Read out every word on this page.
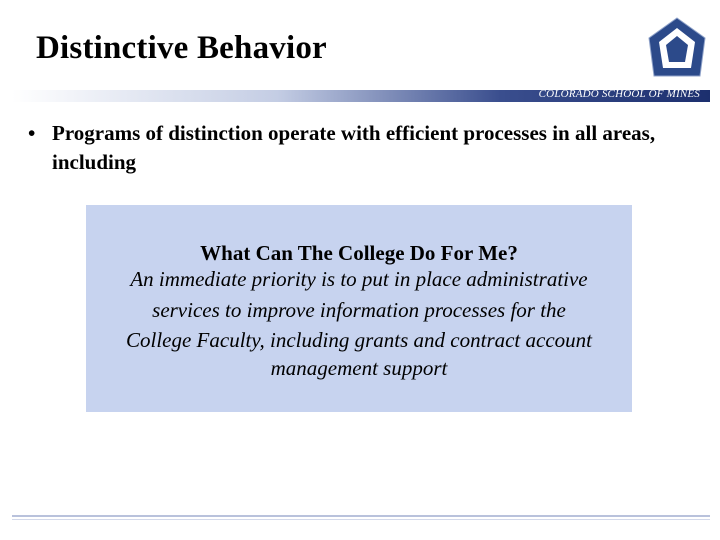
Distinctive Behavior
COLORADO SCHOOL OF MINES
• Programs of distinction operate with efficient processes in all areas, including
What Can The College Do For Me?
An immediate priority is to put in place administrative
services to improve information processes for the
College Faculty, including grants and contract account
management support
